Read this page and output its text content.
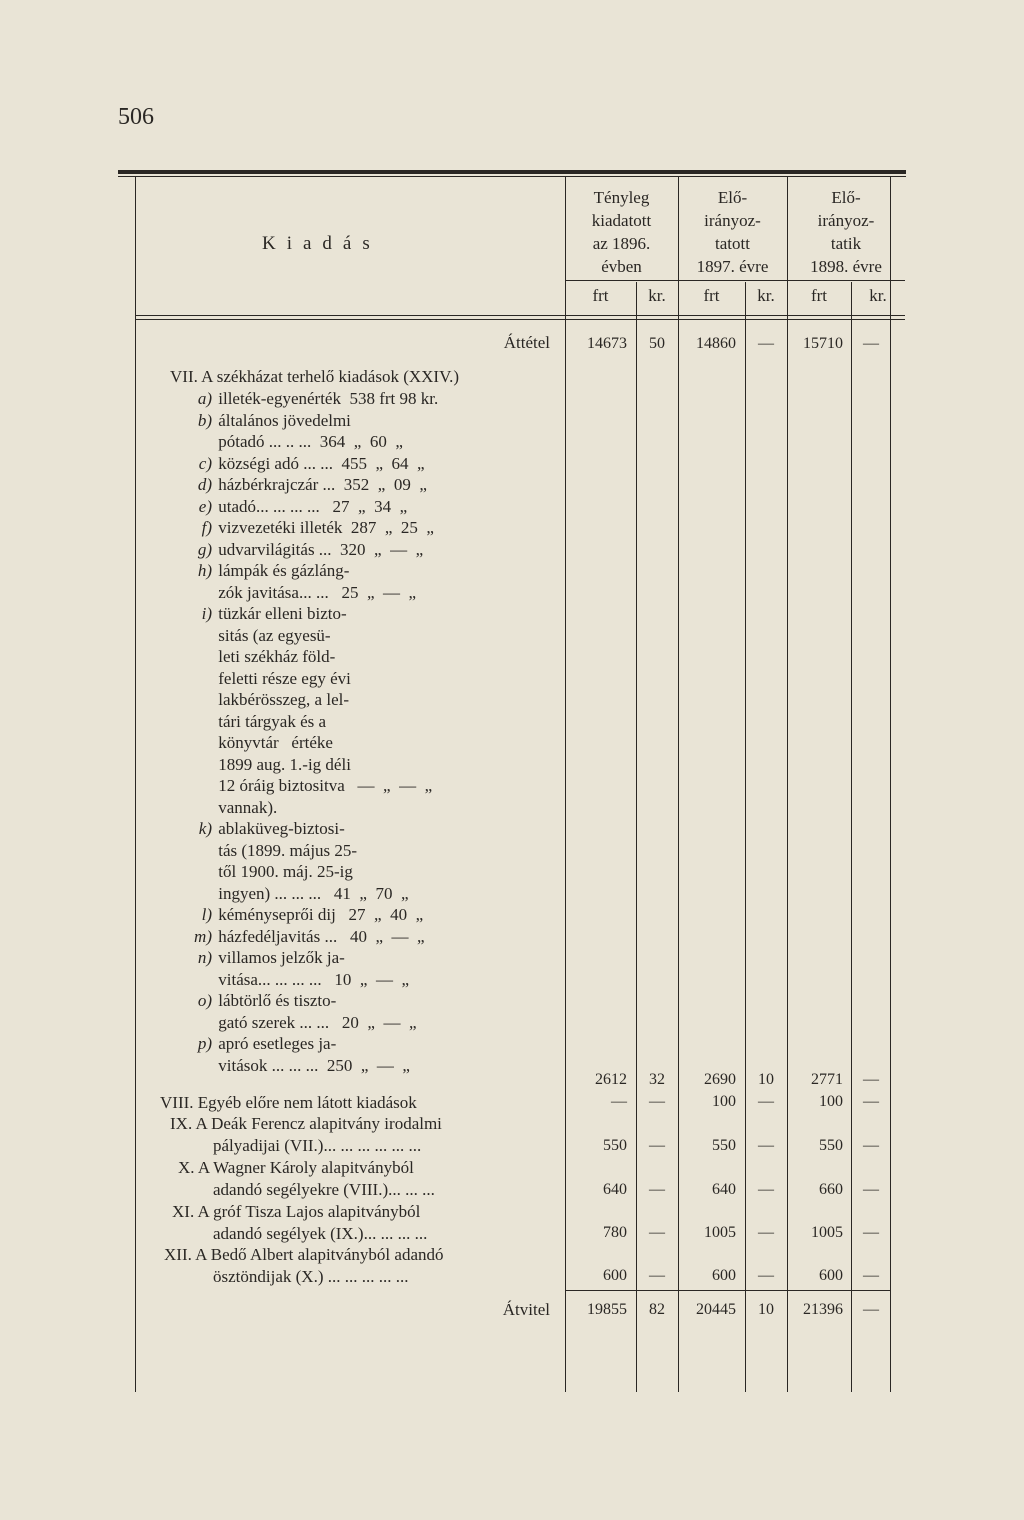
506
Kiadás
Tényleg
kiadatott
az 1896.
évben
Elő-
irányoz-
tatott
1897. évre
Elő-
irányoz-
tatik
1898. évre
frt	kr.	frt	kr.	frt	kr.
Áttétel	14673	50	14860	—	15710	—
VII. A székházat terhelő kiadások (XXIV.)
a) illeték-egyenérték  538 frt 98 kr.
b) általános jövedelmi
pótadó ... .. ...  364  „  60  „
c) községi adó ... ...  455  „  64  „
d) házbérkrajczár ...  352  „  09  „
e) utadó... ... ... ...   27  „  34  „
f) vizvezetéki illeték  287  „  25  „
g) udvarvilágitás ...  320  „  —  „
h) lámpák és gázláng-
zók javitása... ...   25  „  —  „
i) tüzkár elleni bizto-
sitás (az egyesü-
leti székház föld-
feletti része egy évi
lakbérösszeg, a lel-
tári tárgyak és a
könyvtár   értéke
1899 aug. 1.-ig déli
12 óráig biztositva   —  „  —  „
vannak).
k) ablaküveg-biztosi-
tás (1899. május 25-
től 1900. máj. 25-ig
ingyen) ... ... ...   41  „  70  „
l) kéményseprői dij   27  „  40  „
m) házfedéljavitás ...   40  „  —  „
n) villamos jelzők ja-
vitása... ... ... ...   10  „  —  „
o) lábtörlő és tiszto-
gató szerek ... ...   20  „  —  „
p) apró esetleges ja-
vitások ... ... ...  250  „  —  „
2612	32	2690	10	2771	—
VIII. Egyéb előre nem látott kiadások	—	—	100	—	100	—
IX. A Deák Ferencz alapitvány irodalmi
pályadijai (VII.)... ... ... ... ... ...	550	—	550	—	550	—
X. A Wagner Károly alapitványból
adandó segélyekre (VIII.)... ... ...	640	—	640	—	660	—
XI. A gróf Tisza Lajos alapitványból
adandó segélyek (IX.)... ... ... ...	780	—	1005	—	1005	—
XII. A Bedő Albert alapitványból adandó
ösztöndijak (X.) ... ... ... ... ...	600	—	600	—	600	—
Átvitel	19855	82	20445	10	21396	—
